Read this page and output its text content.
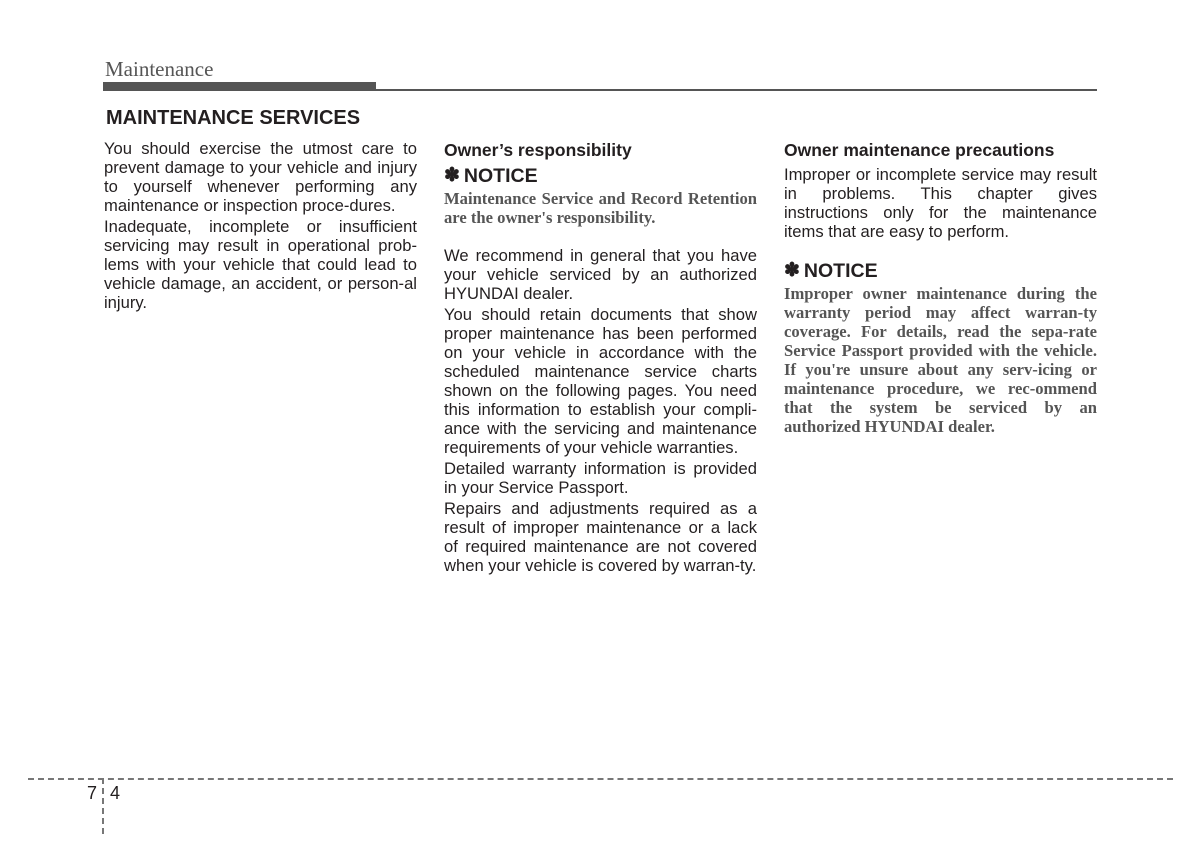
Maintenance
MAINTENANCE SERVICES

You should exercise the utmost care to prevent damage to your vehicle and injury to yourself whenever performing any maintenance or inspection proce-dures.

Inadequate, incomplete or insufficient servicing may result in operational prob-lems with your vehicle that could lead to vehicle damage, an accident, or person-al injury.

Owner’s responsibility
✽ NOTICE

Maintenance Service and Record Retention are the owner's responsibility.

We recommend in general that you have your vehicle serviced by an authorized HYUNDAI dealer.

You should retain documents that show proper maintenance has been performed on your vehicle in accordance with the scheduled maintenance service charts shown on the following pages. You need this information to establish your compli-ance with the servicing and maintenance requirements of your vehicle warranties.

Detailed warranty information is provided in your Service Passport.

Repairs and adjustments required as a result of improper maintenance or a lack of required maintenance are not covered when your vehicle is covered by warran-ty.

Owner maintenance precautions

Improper or incomplete service may result in problems. This chapter gives instructions only for the maintenance items that are easy to perform.

✽ NOTICE

Improper owner maintenance during the warranty period may affect warran-ty coverage. For details, read the sepa-rate Service Passport provided with the vehicle. If you're unsure about any serv-icing or maintenance procedure, we rec-ommend that the system be serviced by an authorized HYUNDAI dealer.

7 4
